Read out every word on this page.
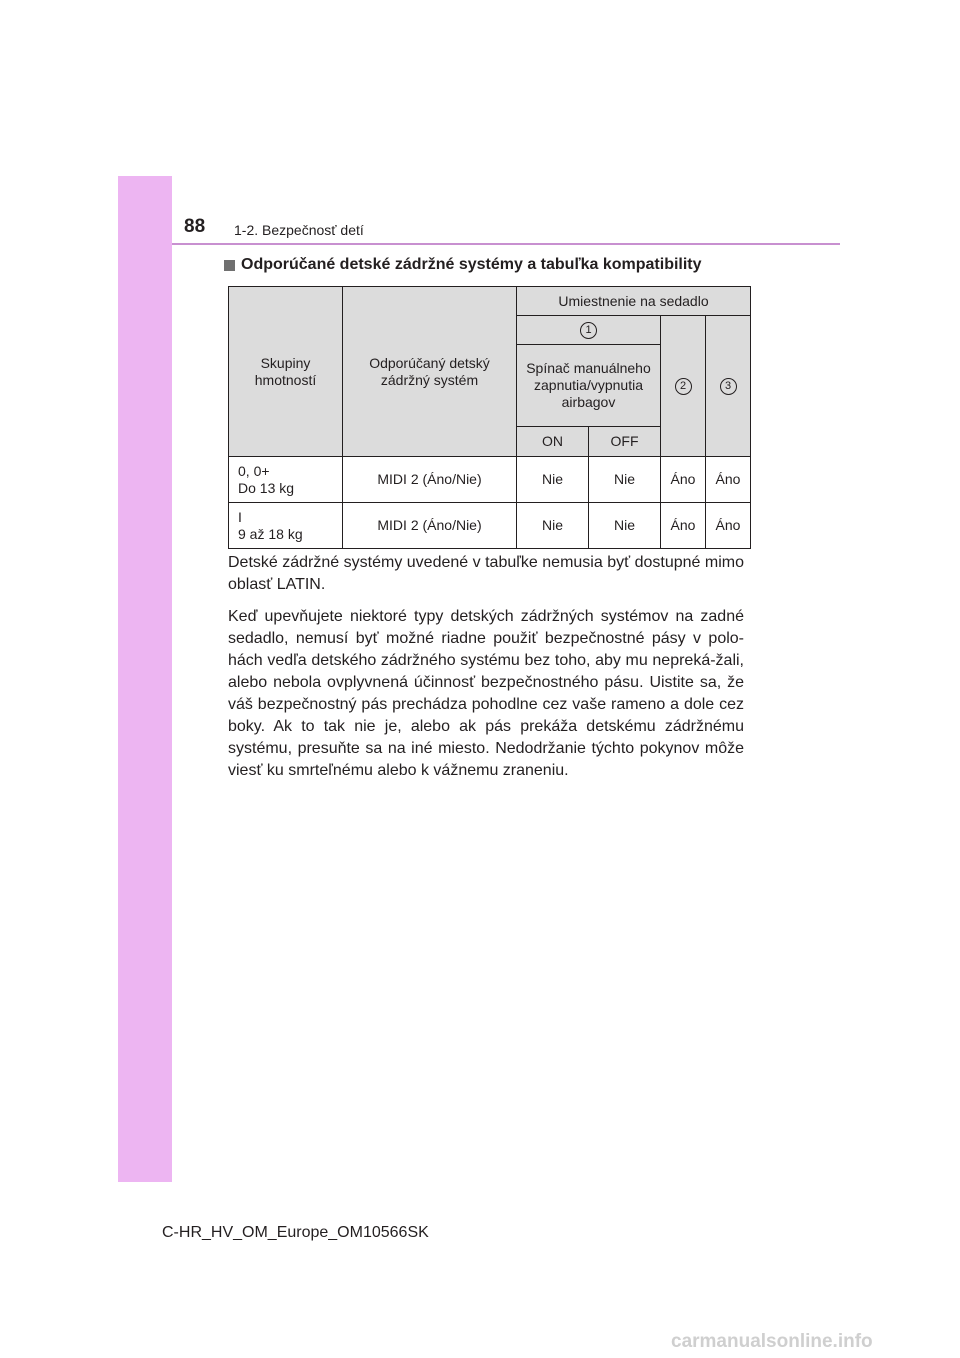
88 1-2. Bezpečnosť detí
Odporúčané detské zádržné systémy a tabuľka kompatibility
Skupiny hmotností	Odporúčaný detský zádržný systém	Umiestnenie na sedadlo			
		1		2	3
		Spínač manuálneho zapnutia/vypnutia airbagov			
		ON	OFF		

0, 0+
Do 13 kg	MIDI 2 (Áno/Nie)	Nie	Nie	Áno	Áno
I
9 až 18 kg	MIDI 2 (Áno/Nie)	Nie	Nie	Áno	Áno

Detské zádržné systémy uvedené v tabuľke nemusia byť dostupné mimo oblasť LATIN.

Keď upevňujete niektoré typy detských zádržných systémov na zadné sedadlo, nemusí byť možné riadne použiť bezpečnostné pásy v polo-hách vedľa detského zádržného systému bez toho, aby mu nepreká-žali, alebo nebola ovplyvnená účinnosť bezpečnostného pásu. Uistite sa, že váš bezpečnostný pás prechádza pohodlne cez vaše rameno a dole cez boky. Ak to tak nie je, alebo ak pás prekáža detskému zádržnému systému, presuňte sa na iné miesto. Nedodržanie týchto pokynov môže viesť ku smrteľnému alebo k vážnemu zraneniu.

C-HR_HV_OM_Europe_OM10566SK
carmanualsonline.info
